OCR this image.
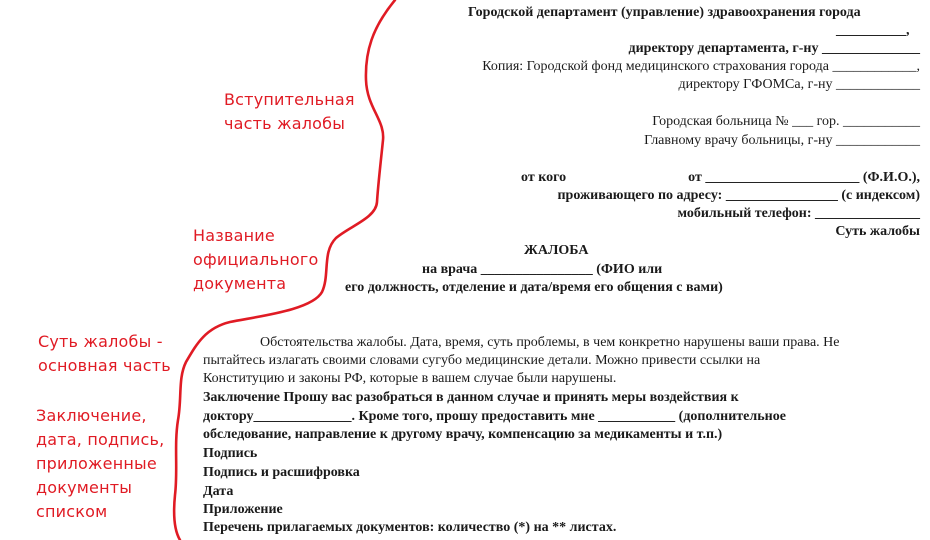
Вступительная
часть жалобы
Название
официального
документа
Суть жалобы -
основная часть
Заключение,
дата, подпись,
приложенные
документы
списком
Городской департамент (управление) здравоохранения города
__________,
директору департамента, г-ну ______________
Копия: Городской фонд медицинского страхования города ____________,
директору ГФОМСа, г-ну ____________
Городская больница № ___ гор. ___________
Главному врачу больницы, г-ну ____________
от кого	от ______________________ (Ф.И.О.),
проживающего по адресу: ________________ (с индексом)
мобильный телефон: _______________
Суть жалобы
ЖАЛОБА
на врача ________________ (ФИО или
его должность, отделение и дата/время его общения с вами)
Обстоятельства жалобы. Дата, время, суть проблемы, в чем конкретно нарушены ваши права. Не
пытайтесь излагать своими словами сугубо медицинские детали. Можно привести ссылки на
Конституцию и законы РФ, которые в вашем случае были нарушены.
Заключение Прошу вас разобраться в данном случае и принять меры воздействия к
доктору______________. Кроме того, прошу предоставить мне ___________ (дополнительное
обследование, направление к другому врачу, компенсацию за медикаменты и т.п.)
Подпись
Подпись и расшифровка
Дата
Приложение
Перечень прилагаемых документов: количество (*) на ** листах.
